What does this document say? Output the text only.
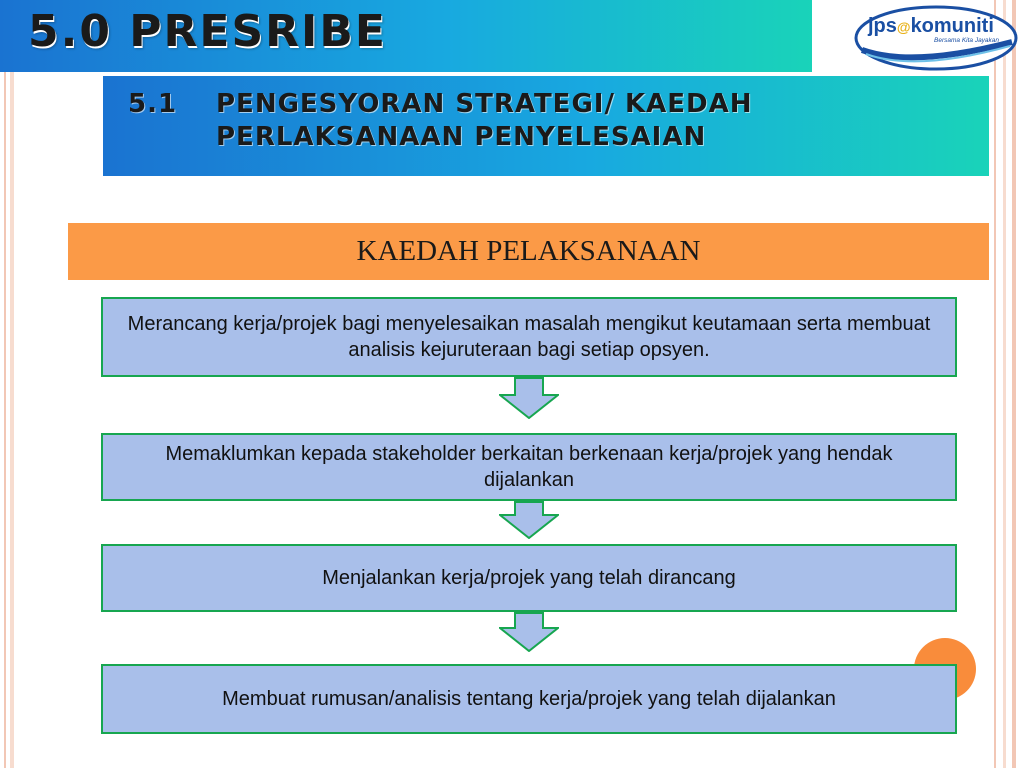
5.0 PRESRIBE	jps@komuniti
Bersama Kita Jayakan
5.1 PENGESYORAN STRATEGI/ KAEDAH
PERLAKSANAAN PENYELESAIAN
KAEDAH PELAKSANAAN
Merancang kerja/projek bagi menyelesaikan masalah mengikut keutamaan serta membuat analisis kejuruteraan bagi setiap opsyen.
Memaklumkan kepada stakeholder berkaitan berkenaan kerja/projek yang hendak dijalankan
Menjalankan kerja/projek yang telah dirancang
Membuat rumusan/analisis tentang kerja/projek yang telah dijalankan
